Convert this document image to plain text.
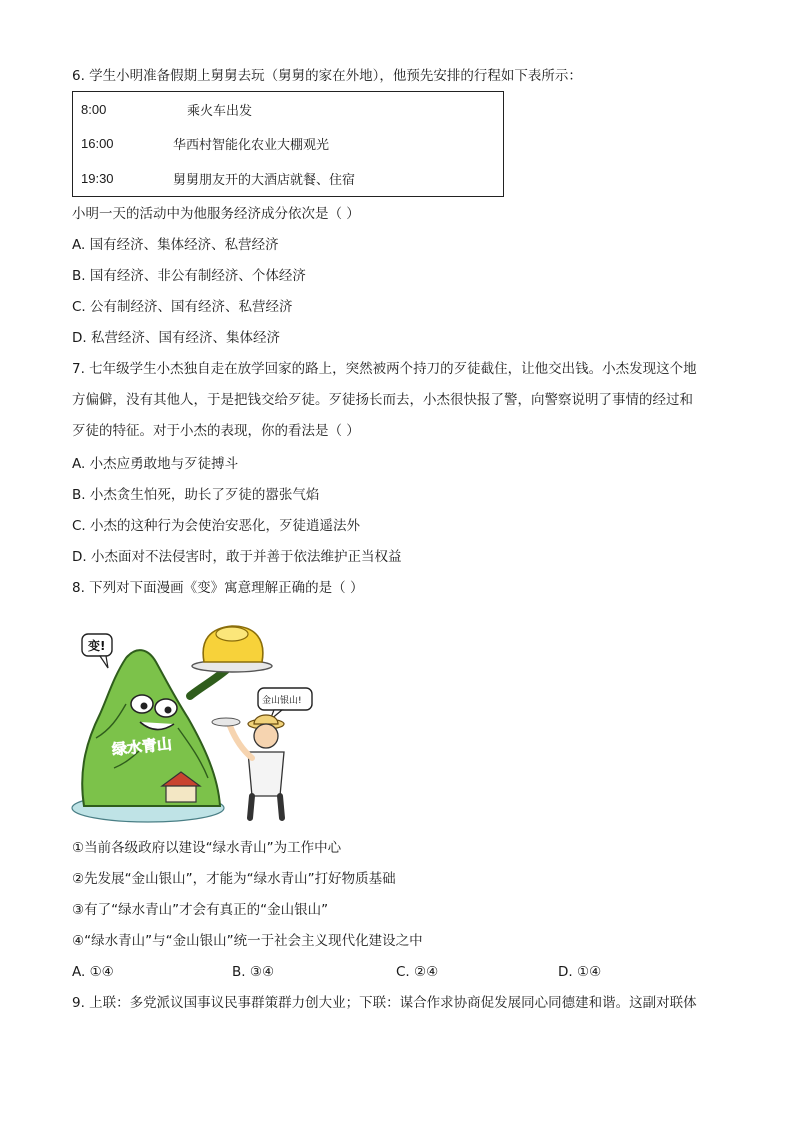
6. 学生小明准备假期上舅舅去玩（舅舅的家在外地），他预先安排的行程如下表所示：
8:00	乘火车出发
16:00	华西村智能化农业大棚观光
19:30	舅舅朋友开的大酒店就餐、住宿
小明一天的活动中为他服务经济成分依次是（ ）
A. 国有经济、集体经济、私营经济
B. 国有经济、非公有制经济、个体经济
C. 公有制经济、国有经济、私营经济
D. 私营经济、国有经济、集体经济
7. 七年级学生小杰独自走在放学回家的路上，突然被两个持刀的歹徒截住，让他交出钱。小杰发现这个地
方偏僻，没有其他人，于是把钱交给歹徒。歹徒扬长而去，小杰很快报了警，向警察说明了事情的经过和
歹徒的特征。对于小杰的表现，你的看法是（ ）
A. 小杰应勇敢地与歹徒搏斗
B. 小杰贪生怕死，助长了歹徒的嚣张气焰
C. 小杰的这种行为会使治安恶化，歹徒逍遥法外
D. 小杰面对不法侵害时，敢于并善于依法维护正当权益
8. 下列对下面漫画《变》寓意理解正确的是（ ）
绿水青山
变!
金山银山!
①当前各级政府以建设“绿水青山”为工作中心
②先发展“金山银山”，才能为“绿水青山”打好物质基础
③有了“绿水青山”才会有真正的“金山银山”
④“绿水青山”与“金山银山”统一于社会主义现代化建设之中
A. ①④	B. ③④	C. ②④	D. ①④
9. 上联：多党派议国事议民事群策群力创大业；下联：谋合作求协商促发展同心同德建和谐。这副对联体
